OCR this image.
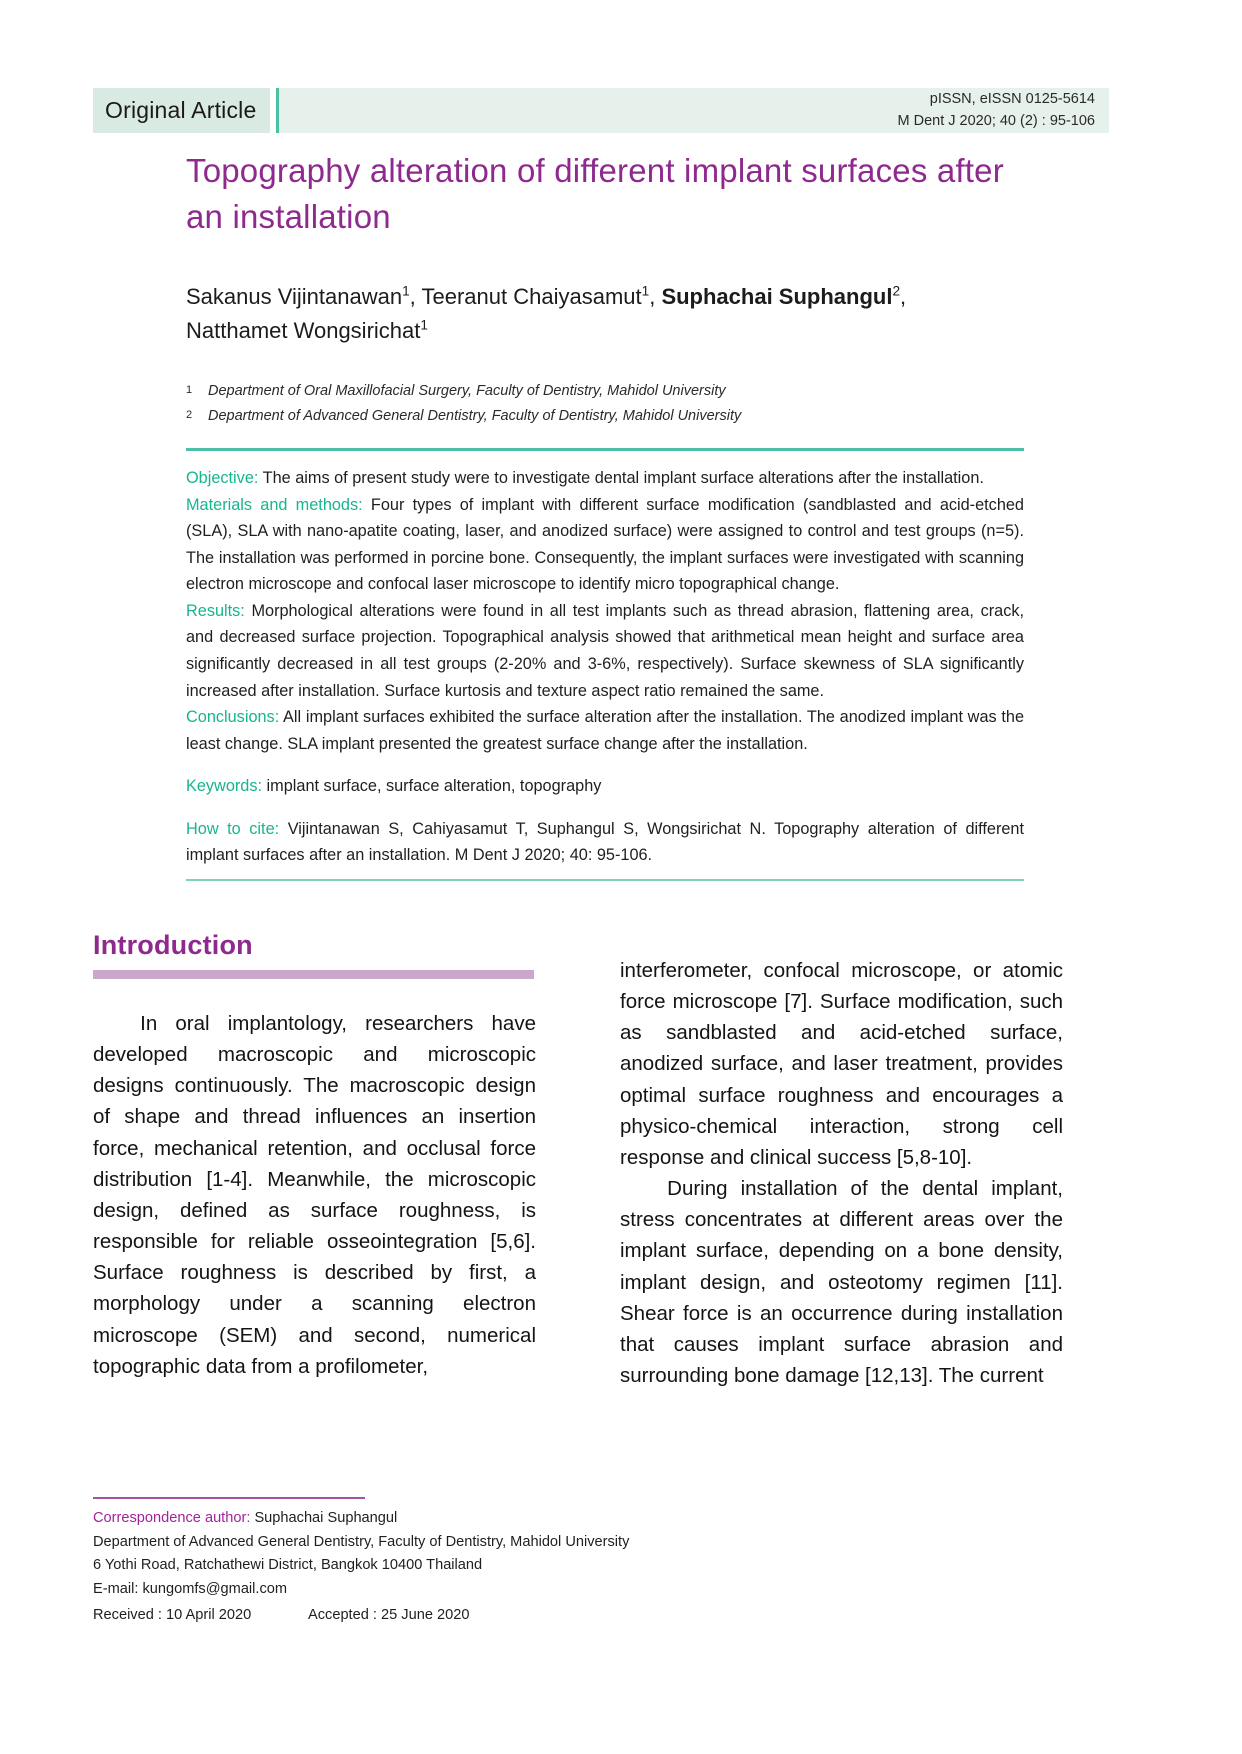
Original Article	pISSN, eISSN 0125-5614
M Dent J 2020; 40 (2) : 95-106
Topography alteration of different implant surfaces after an installation
Sakanus Vijintanawan$^1$, Teeranut Chaiyasamut$^1$, Suphachai Suphangul$^2$,
Natthamet Wongsirichat$^1$
1	Department of Oral Maxillofacial Surgery, Faculty of Dentistry, Mahidol University
2	Department of Advanced General Dentistry, Faculty of Dentistry, Mahidol University

Objective: The aims of present study were to investigate dental implant surface alterations after the installation.

Materials and methods: Four types of implant with different surface modification (sandblasted and acid-etched (SLA), SLA with nano-apatite coating, laser, and anodized surface) were assigned to control and test groups (n=5). The installation was performed in porcine bone. Consequently, the implant surfaces were investigated with scanning electron microscope and confocal laser microscope to identify micro topographical change.

Results: Morphological alterations were found in all test implants such as thread abrasion, flattening area, crack, and decreased surface projection. Topographical analysis showed that arithmetical mean height and surface area significantly decreased in all test groups (2-20% and 3-6%, respectively). Surface skewness of SLA significantly increased after installation. Surface kurtosis and texture aspect ratio remained the same.

Conclusions: All implant surfaces exhibited the surface alteration after the installation. The anodized implant was the least change. SLA implant presented the greatest surface change after the installation.

Keywords: implant surface, surface alteration, topography

How to cite: Vijintanawan S, Cahiyasamut T, Suphangul S, Wongsirichat N. Topography alteration of different implant surfaces after an installation. M Dent J 2020; 40: 95-106.

Introduction

In oral implantology, researchers have developed macroscopic and microscopic designs continuously. The macroscopic design of shape and thread influences an insertion force, mechanical retention, and occlusal force distribution [1-4]. Meanwhile, the microscopic design, defined as surface roughness, is responsible for reliable osseointegration [5,6]. Surface roughness is described by first, a morphology under a scanning electron microscope (SEM) and second, numerical topographic data from a profilometer,

interferometer, confocal microscope, or atomic force microscope [7]. Surface modification, such as sandblasted and acid-etched surface, anodized surface, and laser treatment, provides optimal surface roughness and encourages a physico-chemical interaction, strong cell response and clinical success [5,8-10].

During installation of the dental implant, stress concentrates at different areas over the implant surface, depending on a bone density, implant design, and osteotomy regimen [11]. Shear force is an occurrence during installation that causes implant surface abrasion and surrounding bone damage [12,13]. The current

Correspondence author: Suphachai Suphangul
Department of Advanced General Dentistry, Faculty of Dentistry, Mahidol University
6 Yothi Road, Ratchathewi District, Bangkok 10400 Thailand
E-mail: kungomfs@gmail.com
Received : 10 April 2020	Accepted : 25 June 2020
